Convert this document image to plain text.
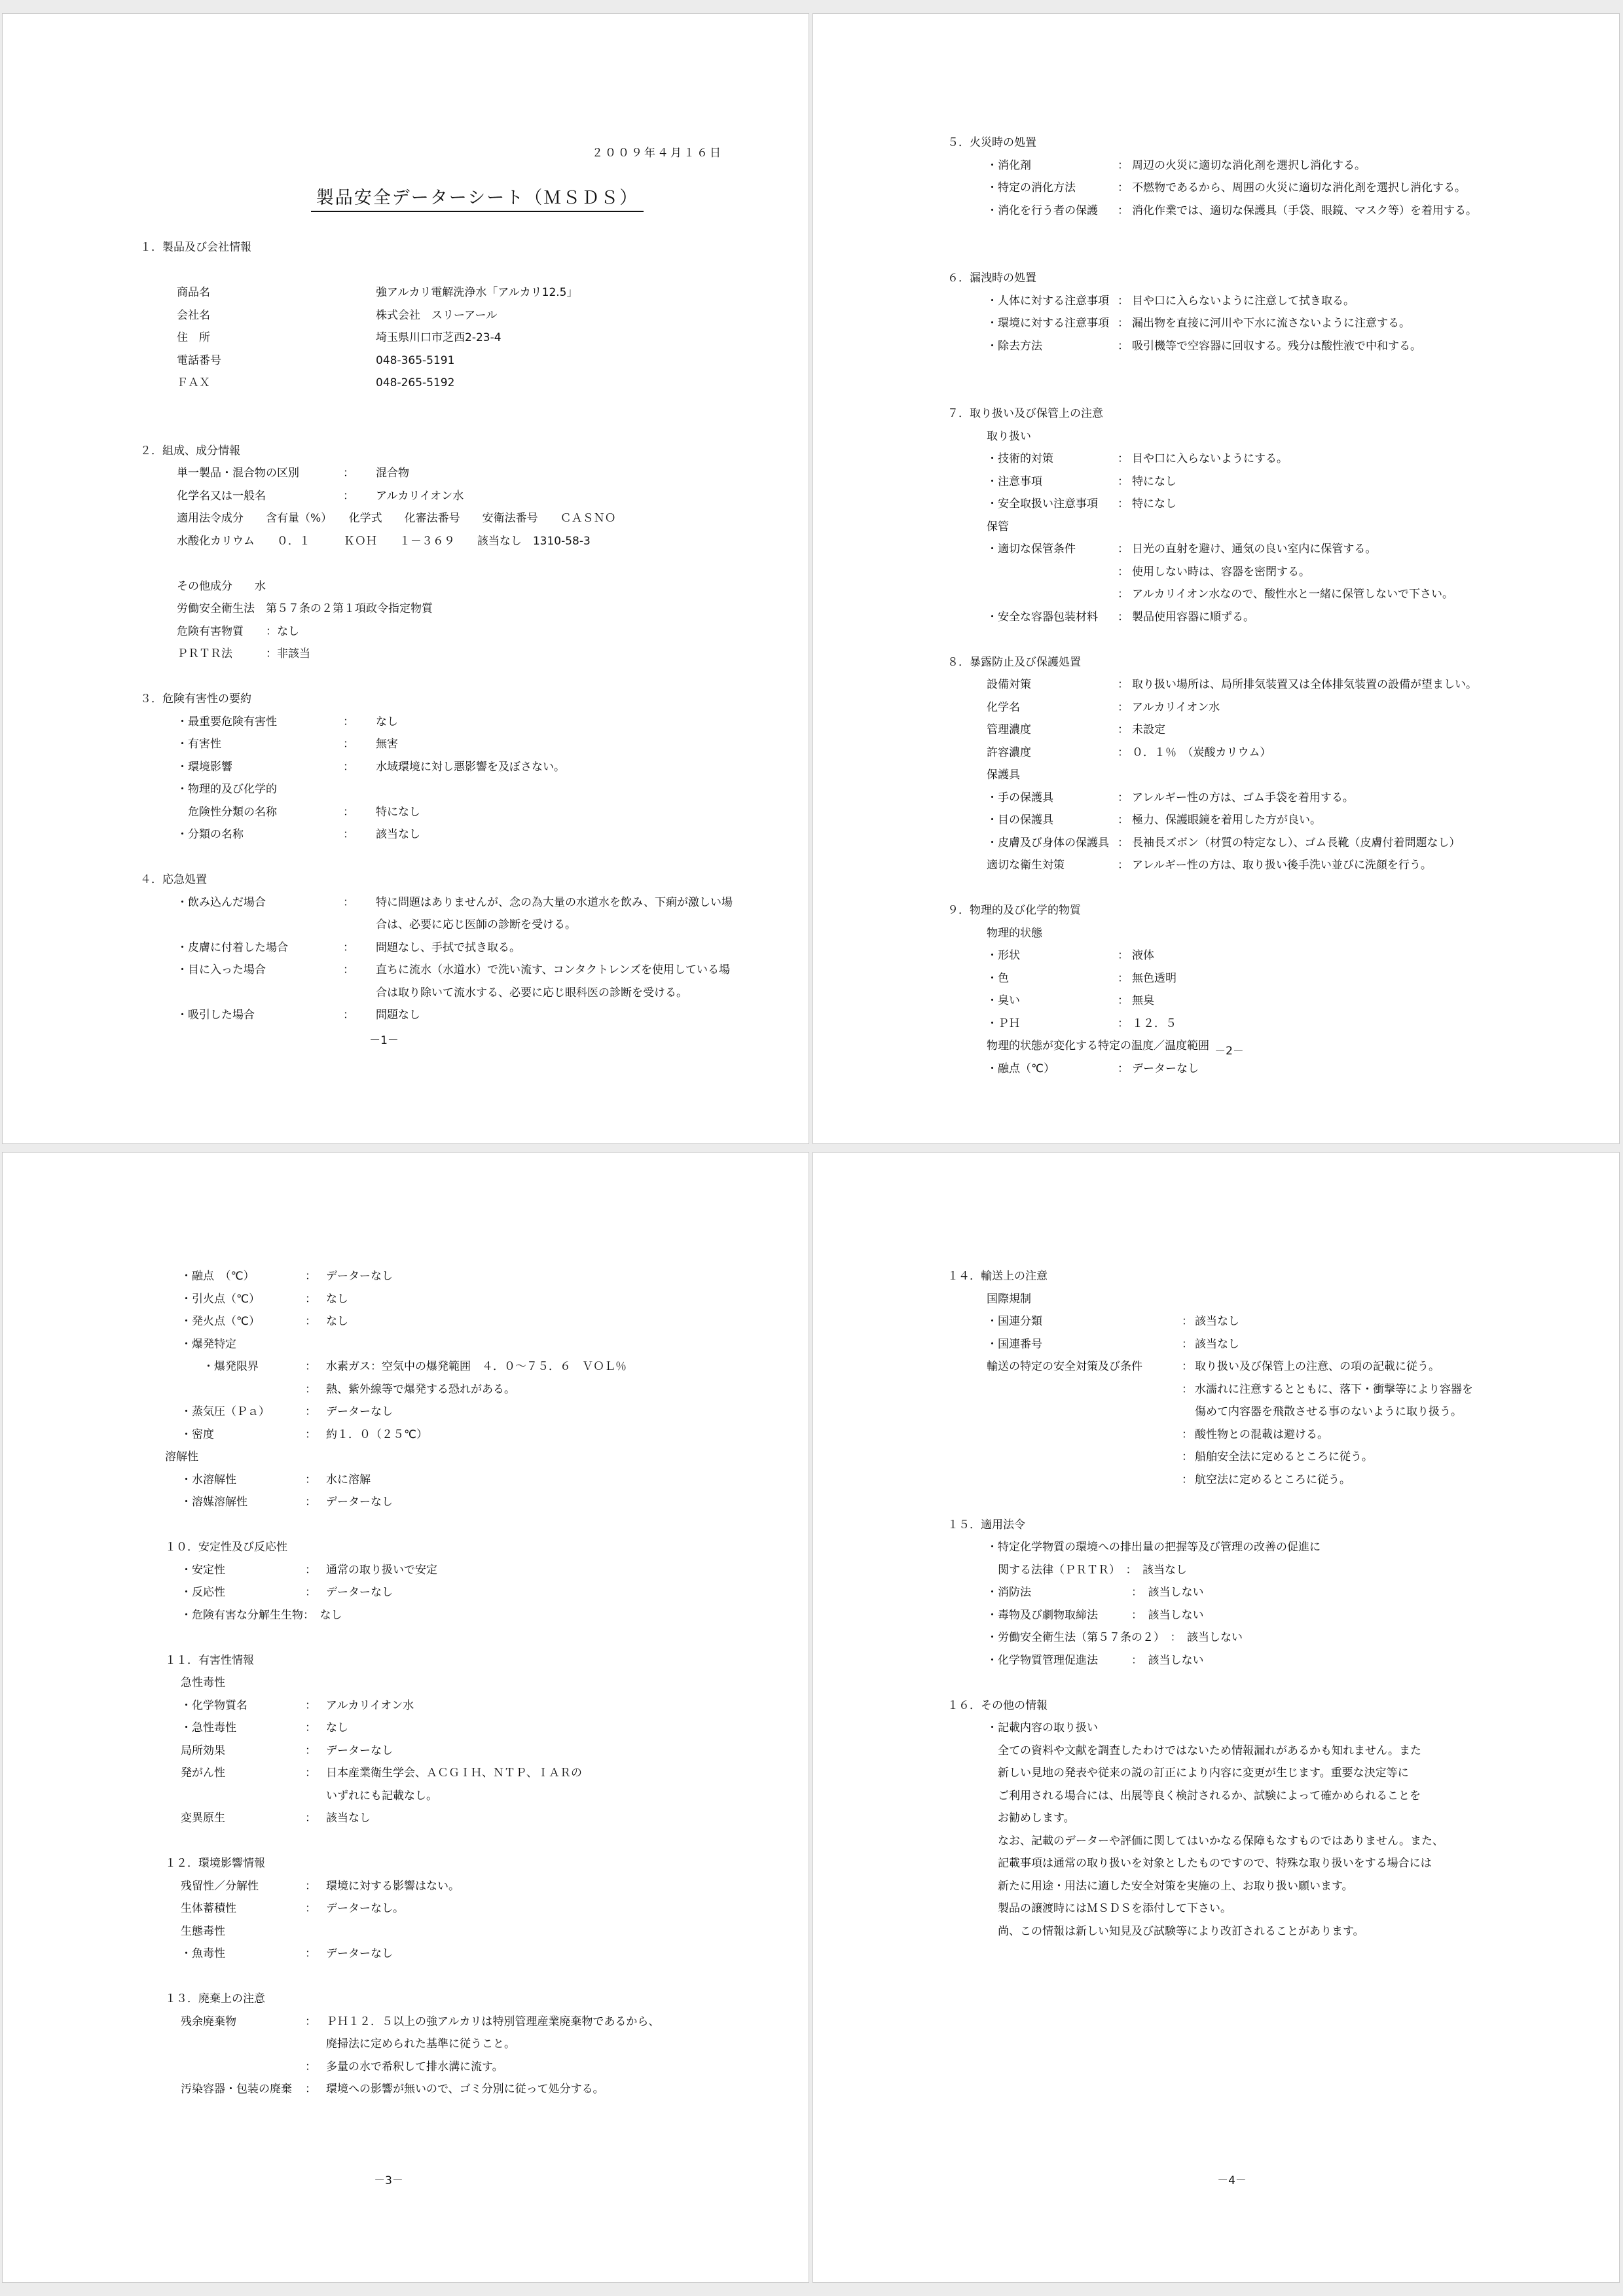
２００９年４月１６日
製品安全データーシート（ＭＳＤＳ）
１．製品及び会社情報
商品名	強アルカリ電解洗浄水「アルカリ12.5」
会社名	株式会社　スリーアール
住　所	埼玉県川口市芝西2-23-4
電話番号	048-365-5191
ＦＡＸ	048-265-5192
２．組成、成分情報
単一製品・混合物の区別	： 混合物
化学名又は一般名	： アルカリイオン水
適用法令成分　　含有量（%）　　化学式　　化審法番号　　安衛法番号　　ＣＡＳＮＯ
水酸化カリウム　　０．１　　　ＫＯＨ　　１－３６９　　該当なし　1310-58-3
その他成分　　水
労働安全衛生法　第５７条の２第１項政令指定物質
危険有害物質　　：なし
ＰＲＴＲ法　　　：非該当
３．危険有害性の要約
・最重要危険有害性	： なし
・有害性	： 無害
・環境影響	： 水域環境に対し悪影響を及ぼさない。
・物理的及び化学的
　危険性分類の名称	： 特になし
・分類の名称	： 該当なし
４．応急処置
・飲み込んだ場合	： 特に問題はありませんが、念の為大量の水道水を飲み、下痢が激しい場
合は、必要に応じ医師の診断を受ける。
・皮膚に付着した場合	： 問題なし、手拭で拭き取る。
・目に入った場合	： 直ちに流水（水道水）で洗い流す、コンタクトレンズを使用している場
合は取り除いて流水する、必要に応じ眼科医の診断を受ける。
・吸引した場合	： 問題なし
－1－
５．火災時の処置
・消化剤	： 周辺の火災に適切な消化剤を選択し消化する。
・特定の消化方法	： 不燃物であるから、周囲の火災に適切な消化剤を選択し消化する。
・消化を行う者の保護 ： 消化作業では、適切な保護具（手袋、眼鏡、マスク等）を着用する。
６．漏洩時の処置
・人体に対する注意事項 ： 目や口に入らないように注意して拭き取る。
・環境に対する注意事項 ： 漏出物を直接に河川や下水に流さないように注意する。
・除去方法	： 吸引機等で空容器に回収する。残分は酸性液で中和する。
７．取り扱い及び保管上の注意
取り扱い
・技術的対策	： 目や口に入らないようにする。
・注意事項	： 特になし
・安全取扱い注意事項 ： 特になし
保管
・適切な保管条件	： 日光の直射を避け、通気の良い室内に保管する。
： 使用しない時は、容器を密閉する。
： アルカリイオン水なので、酸性水と一緒に保管しないで下さい。
・安全な容器包装材料 ： 製品使用容器に順ずる。
８．暴露防止及び保護処置
設備対策	： 取り扱い場所は、局所排気装置又は全体排気装置の設備が望ましい。
化学名	： アルカリイオン水
管理濃度	： 未設定
許容濃度	： ０．１％　（炭酸カリウム）
保護具
・手の保護具	： アレルギー性の方は、ゴム手袋を着用する。
・目の保護具	： 極力、保護眼鏡を着用した方が良い。
・皮膚及び身体の保護具 ： 長袖長ズボン（材質の特定なし）、ゴム長靴（皮膚付着問題なし）
適切な衛生対策	： アレルギー性の方は、取り扱い後手洗い並びに洗顔を行う。
９．物理的及び化学的物質
物理的状態
・形状	： 液体
・色	： 無色透明
・臭い	： 無臭
・ＰＨ	： １２．５
物理的状態が変化する特定の温度／温度範囲
・融点（℃）	： データーなし
－2－
・融点　（℃）	： データーなし
・引火点（℃）	： なし
・発火点（℃）	： なし
・爆発特定
　　・爆発限界	： 水素ガス：空気中の爆発範囲　４．０～７５．６　ＶＯＬ％
： 熱、紫外線等で爆発する恐れがある。
・蒸気圧（Ｐａ）	： データーなし
・密度	： 約１．０（２５℃）
溶解性
・水溶解性	： 水に溶解
・溶媒溶解性	： データーなし
１０．安定性及び反応性
・安定性	： 通常の取り扱いで安定
・反応性	： データーなし
・危険有害な分解生生物：　なし
１１．有害性情報
急性毒性
・化学物質名	： アルカリイオン水
・急性毒性	： なし
局所効果	： データーなし
発がん性	： 日本産業衛生学会、ＡＣＧＩＨ、ＮＴＰ、ＩＡＲの
いずれにも記載なし。
変異原生	： 該当なし
１２．環境影響情報
残留性／分解性	： 環境に対する影響はない。
生体蓄積性	： データーなし。
生態毒性
・魚毒性	： データーなし
１３．廃棄上の注意
残余廃棄物	： ＰＨ１２．５以上の強アルカリは特別管理産業廃棄物であるから、
廃掃法に定められた基準に従うこと。
： 多量の水で希釈して排水溝に流す。
汚染容器・包装の廃棄 ： 環境への影響が無いので、ゴミ分別に従って処分する。
－3－
１４．輸送上の注意
国際規制
・国連分類	： 該当なし
・国連番号	： 該当なし
輸送の特定の安全対策及び条件	： 取り扱い及び保管上の注意、の項の記載に従う。
： 水濡れに注意するとともに、落下・衝撃等により容器を
傷めて内容器を飛散させる事のないように取り扱う。
： 酸性物との混載は避ける。
： 船舶安全法に定めるところに従う。
： 航空法に定めるところに従う。
１５．適用法令
・特定化学物質の環境への排出量の把握等及び管理の改善の促進に
　関する法律（ＰＲＴＲ）　：　該当なし
・消防法　　　　　　　　　：　該当しない
・毒物及び劇物取締法　　　：　該当しない
・労働安全衛生法（第５７条の２）　：　該当しない
・化学物質管理促進法　　　：　該当しない
１６．その他の情報
・記載内容の取り扱い
　全ての資料や文献を調査したわけではないため情報漏れがあるかも知れません。また
　新しい見地の発表や従来の説の訂正により内容に変更が生じます。重要な決定等に
　ご利用される場合には、出展等良く検討されるか、試験によって確かめられることを
　お勧めします。
　なお、記載のデーターや評価に関してはいかなる保障もなすものではありません。また、
　記載事項は通常の取り扱いを対象としたものですので、特殊な取り扱いをする場合には
　新たに用途・用法に適した安全対策を実施の上、お取り扱い願います。
　製品の譲渡時にはＭＳＤＳを添付して下さい。
　尚、この情報は新しい知見及び試験等により改訂されることがあります。
－4－
